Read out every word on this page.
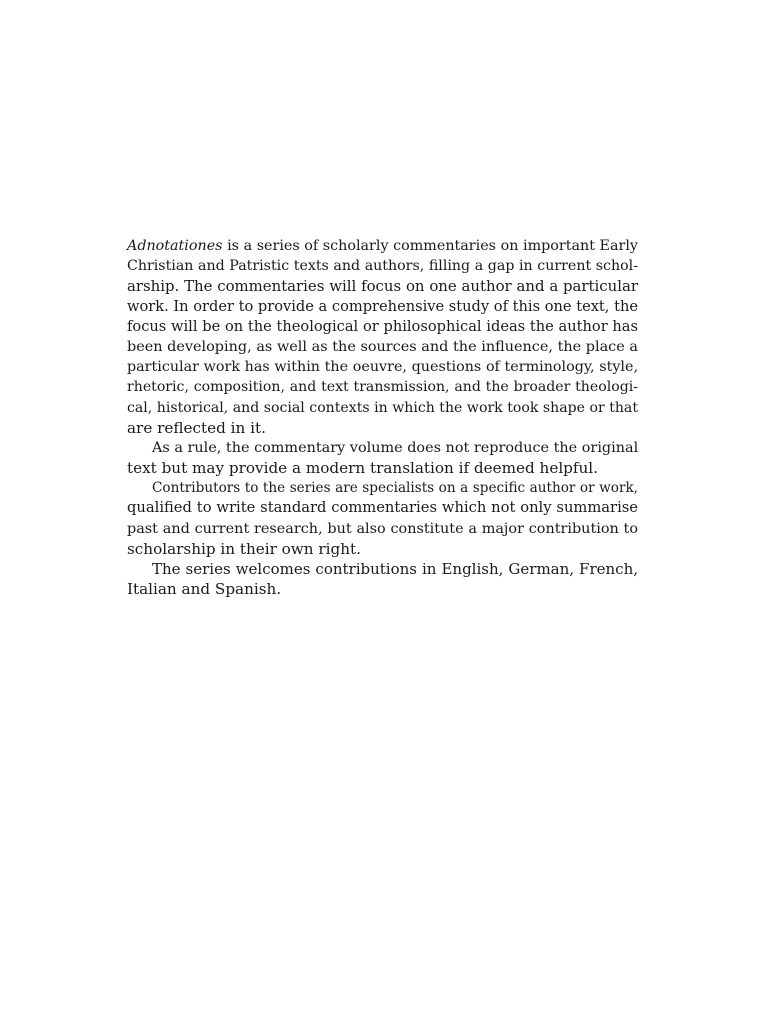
Adnotationes is a series of scholarly commentaries on important Early
Christian and Patristic texts and authors, filling a gap in current schol-
arship. The commentaries will focus on one author and a particular
work. In order to provide a comprehensive study of this one text, the
focus will be on the theological or philosophical ideas the author has
been developing, as well as the sources and the influence, the place a
particular work has within the oeuvre, questions of terminology, style,
rhetoric, composition, and text transmission, and the broader theologi-
cal, historical, and social contexts in which the work took shape or that
are reflected in it.
As a rule, the commentary volume does not reproduce the original
text but may provide a modern translation if deemed helpful.
Contributors to the series are specialists on a specific author or work,
qualified to write standard commentaries which not only summarise
past and current research, but also constitute a major contribution to
scholarship in their own right.
The series welcomes contributions in English, German, French,
Italian and Spanish.
